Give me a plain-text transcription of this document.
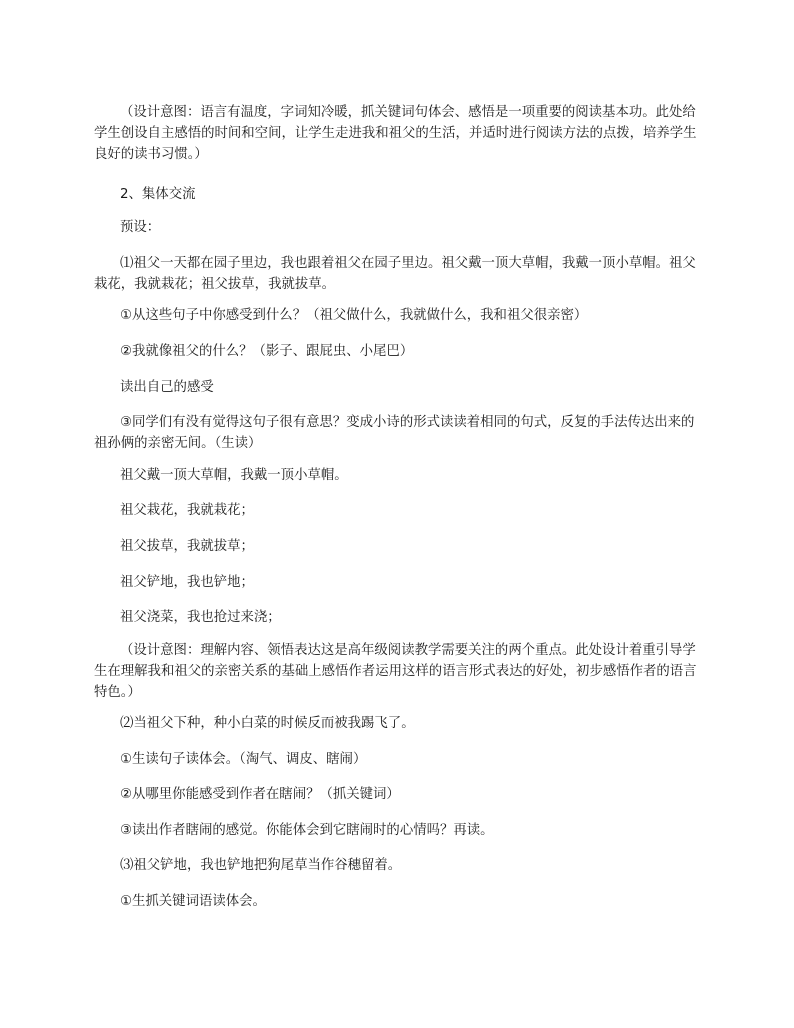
（设计意图：语言有温度，字词知冷暖，抓关键词句体会、感悟是一项重要的阅读基本功。此处给学生创设自主感悟的时间和空间，让学生走进我和祖父的生活，并适时进行阅读方法的点拨，培养学生良好的读书习惯。）

2、集体交流

预设：

⑴祖父一天都在园子里边，我也跟着祖父在园子里边。祖父戴一顶大草帽，我戴一顶小草帽。祖父栽花，我就栽花；祖父拔草，我就拔草。

①从这些句子中你感受到什么？（祖父做什么，我就做什么，我和祖父很亲密）

②我就像祖父的什么？（影子、跟屁虫、小尾巴）

读出自己的感受

③同学们有没有觉得这句子很有意思？变成小诗的形式读读着相同的句式，反复的手法传达出来的祖孙俩的亲密无间。（生读）

祖父戴一顶大草帽，我戴一顶小草帽。

祖父栽花，我就栽花；

祖父拔草，我就拔草；

祖父铲地，我也铲地；

祖父浇菜，我也抢过来浇；

（设计意图：理解内容、领悟表达这是高年级阅读教学需要关注的两个重点。此处设计着重引导学生在理解我和祖父的亲密关系的基础上感悟作者运用这样的语言形式表达的好处，初步感悟作者的语言特色。）

⑵当祖父下种，种小白菜的时候反而被我踢飞了。

①生读句子读体会。（淘气、调皮、瞎闹）

②从哪里你能感受到作者在瞎闹？（抓关键词）

③读出作者瞎闹的感觉。你能体会到它瞎闹时的心情吗？再读。

⑶祖父铲地，我也铲地把狗尾草当作谷穗留着。

①生抓关键词语读体会。
